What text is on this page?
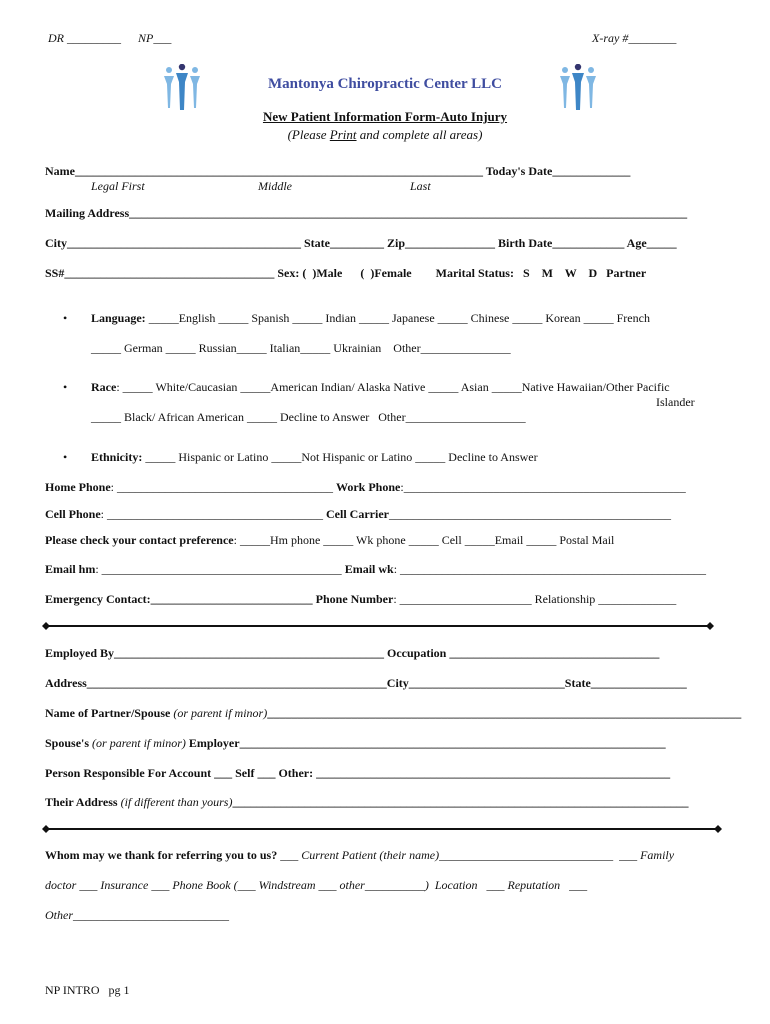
DR _________ NP___	X-ray #________
Mantonya Chiropractic Center LLC
New Patient Information Form-Auto Injury
(Please Print and complete all areas)
Name____________________________________________________________________ Today's Date_____________
Legal First	Middle	Last
Mailing Address_____________________________________________________________________________________________
City_______________________________________ State_________ Zip_______________ Birth Date____________ Age_____
SS#___________________________________ Sex: (  )Male      (  )Female        Marital Status:   S    M    W    D   Partner
• Language: _____English _____ Spanish _____ Indian _____ Japanese _____ Chinese _____ Korean _____ French
_____ German _____ Russian_____ Italian_____ Ukrainian    Other_______________
• Race: _____ White/Caucasian _____American Indian/ Alaska Native _____ Asian _____Native Hawaiian/Other Pacific
Islander
_____ Black/ African American _____ Decline to Answer   Other____________________
• Ethnicity: _____ Hispanic or Latino _____Not Hispanic or Latino _____ Decline to Answer
Home Phone: ____________________________________ Work Phone:_______________________________________________
Cell Phone: ____________________________________ Cell Carrier_______________________________________________
Please check your contact preference: _____Hm phone _____ Wk phone _____ Cell _____Email _____ Postal Mail
Email hm: ________________________________________ Email wk: ___________________________________________________
Emergency Contact:___________________________ Phone Number: ______________________ Relationship _____________
Employed By_____________________________________________ Occupation ___________________________________
Address__________________________________________________City__________________________State________________
Name of Partner/Spouse (or parent if minor)_______________________________________________________________________________
Spouse's (or parent if minor) Employer_______________________________________________________________________
Person Responsible For Account ___ Self ___ Other: ___________________________________________________________
Their Address (if different than yours)____________________________________________________________________________
Whom may we thank for referring you to us? ___ Current Patient (their name)_____________________________  ___ Family
doctor ___ Insurance ___ Phone Book (___ Windstream ___ other__________)  Location   ___ Reputation   ___
Other__________________________
NP INTRO   pg 1
